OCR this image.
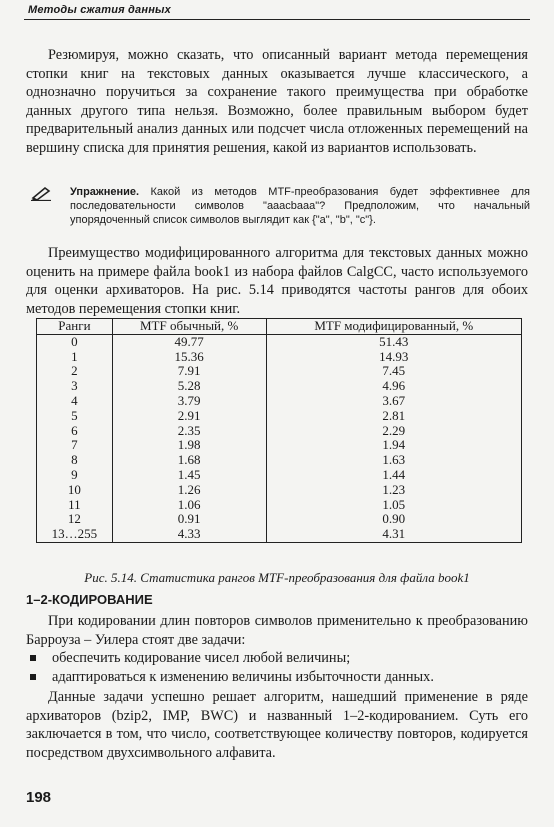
Методы сжатия данных

Резюмируя, можно сказать, что описанный вариант метода перемещения стопки книг на текстовых данных оказывается лучше классического, а однозначно поручиться за сохранение такого преимущества при обработке данных другого типа нельзя. Возможно, более правильным выбором будет предварительный анализ данных или подсчет числа отложенных перемещений на вершину списка для принятия решения, какой из вариантов использовать.

Упражнение. Какой из методов MTF-преобразования будет эффективнее для последовательности символов "aaacbaaa"? Предположим, что начальный упорядоченный список символов выглядит как {"a", "b", "c"}.

Преимущество модифицированного алгоритма для текстовых данных можно оценить на примере файла book1 из набора файлов CalgCC, часто используемого для оценки архиваторов. На рис. 5.14 приводятся частоты рангов для обоих методов перемещения стопки книг.

Ранги	MTF обычный, %	MTF модифицированный, %
0	49.77	51.43
1	15.36	14.93
2	7.91	7.45
3	5.28	4.96
4	3.79	3.67
5	2.91	2.81
6	2.35	2.29
7	1.98	1.94
8	1.68	1.63
9	1.45	1.44
10	1.26	1.23
11	1.06	1.05
12	0.91	0.90
13…255	4.33	4.31
Рис. 5.14. Статистика рангов MTF-преобразования для файла book1
1–2-КОДИРОВАНИЕ

При кодировании длин повторов символов применительно к преобразованию Барроуза – Уилера стоят две задачи:

обеспечить кодирование чисел любой величины;
адаптироваться к изменению величины избыточности данных.

Данные задачи успешно решает алгоритм, нашедший применение в ряде архиваторов (bzip2, IMP, BWC) и названный 1–2-кодированием. Суть его заключается в том, что число, соответствующее количеству повторов, кодируется посредством двухсимвольного алфавита.

198
